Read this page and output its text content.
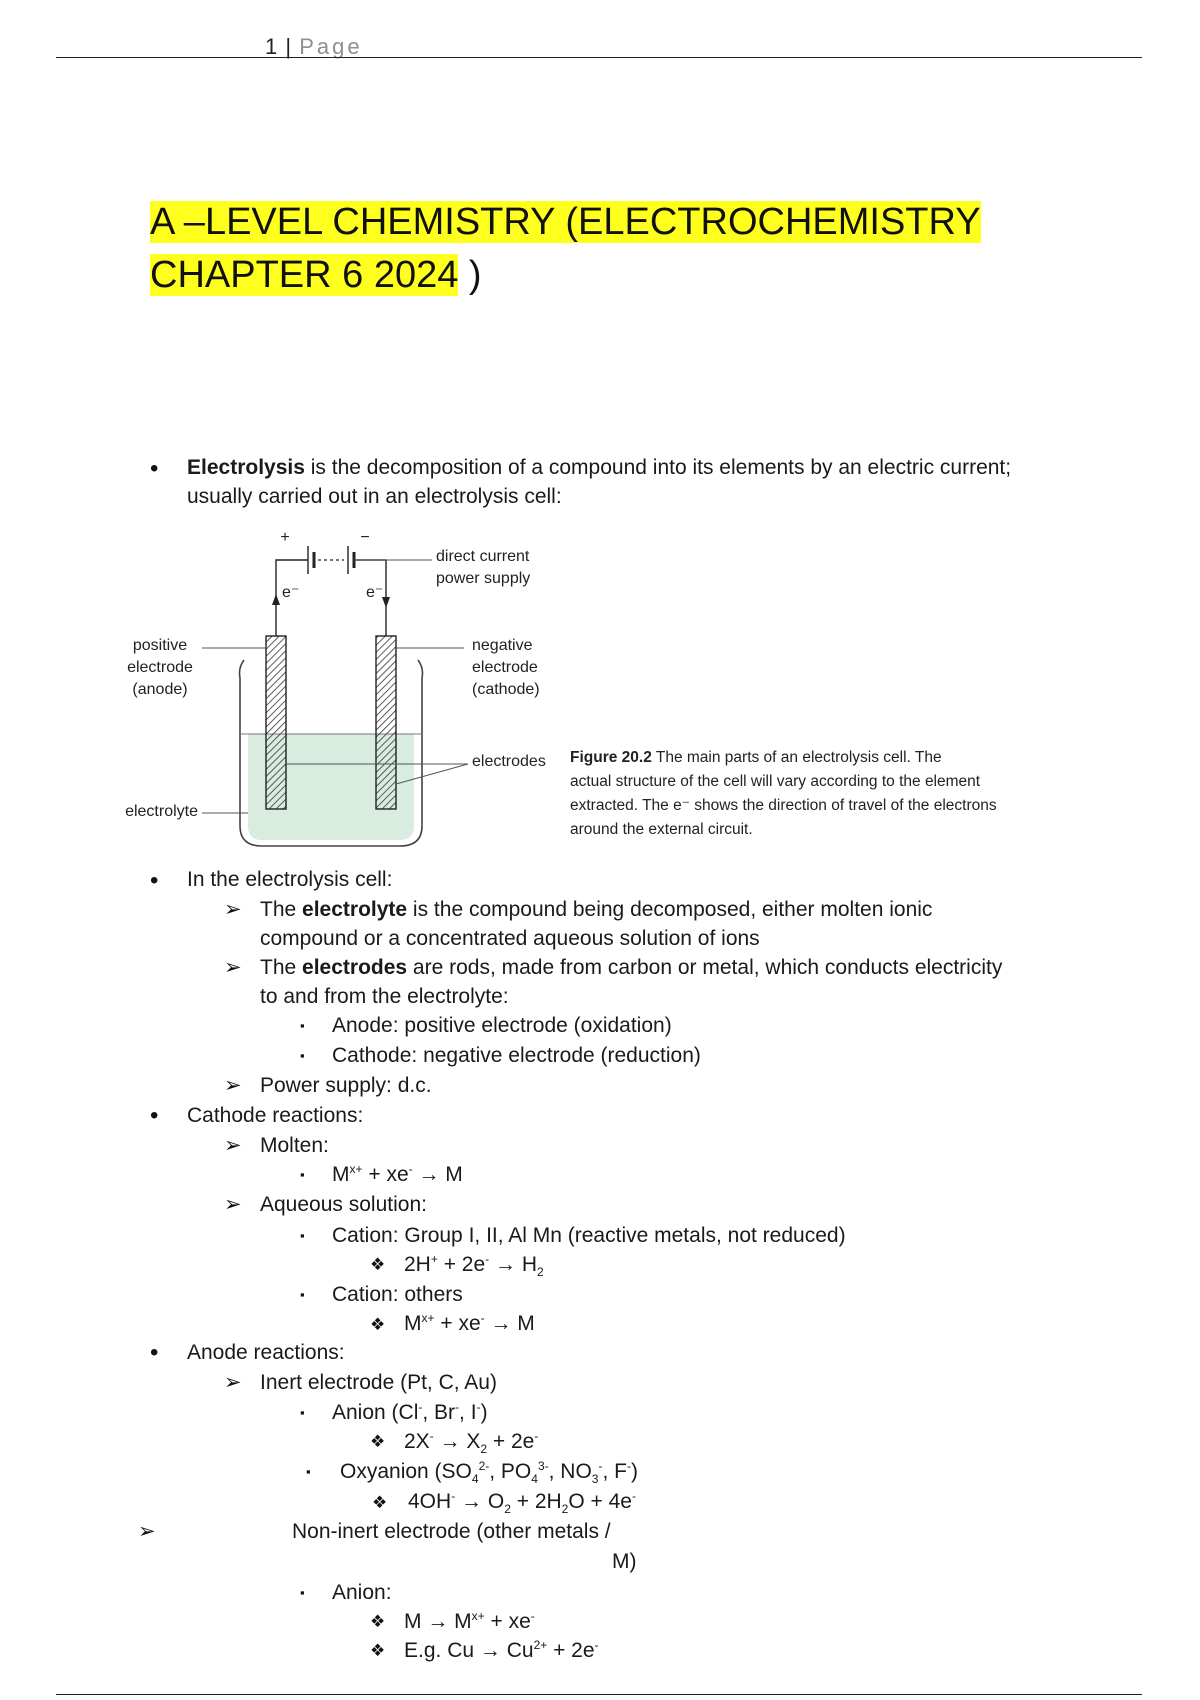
1 | Page
A –LEVEL CHEMISTRY (ELECTROCHEMISTRY
CHAPTER 6 2024 )
• Electrolysis is the decomposition of a compound into its elements by an electric current;
usually carried out in an electrolysis cell:
+	−
e⁻	e⁻
direct current
power supply
positive
electrode
(anode)
negative
electrode
(cathode)
electrodes
electrolyte
Figure 20.2 The main parts of an electrolysis cell. The
actual structure of the cell will vary according to the element
extracted. The e⁻ shows the direction of travel of the electrons
around the external circuit.
• In the electrolysis cell:
➢ The electrolyte is the compound being decomposed, either molten ionic
compound or a concentrated aqueous solution of ions
➢ The electrodes are rods, made from carbon or metal, which conducts electricity
to and from the electrolyte:
▪ Anode: positive electrode (oxidation)
▪ Cathode: negative electrode (reduction)
➢ Power supply: d.c.
• Cathode reactions:
➢ Molten:
▪ $M^{x+} + xe^- \to M$
➢ Aqueous solution:
▪ Cation: Group I, II, Al Mn (reactive metals, not reduced)
❖ $2H^+ + 2e^- \to H_2$
▪ Cation: others
❖ $M^{x+} + xe^- \to M$
• Anode reactions:
➢ Inert electrode (Pt, C, Au)
▪ Anion (Cl-, Br-, I-)
❖ $2X^- \to X_2 + 2e^-$
▪ Oxyanion ($SO_4^{2-}$, $PO_4^{3-}$, $NO_3^-$, F-)
❖ $4OH^- \to O_2 + 2H_2O + 4e^-$
➢	Non-inert electrode (other metals /
M)
▪ Anion:
❖ $M \to M^{x+} + xe^-$
❖ E.g. $Cu \to Cu^{2+} + 2e^-$
